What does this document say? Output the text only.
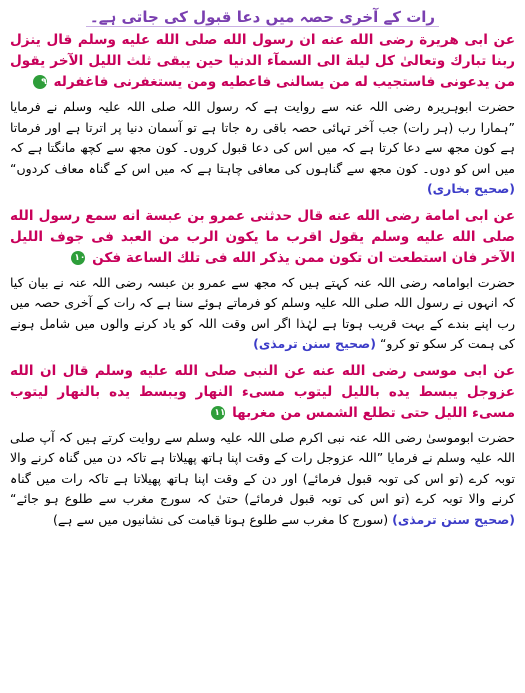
رات کے آخری حصہ میں دعا قبول کی جاتی ہے۔

عن ابی هریرة رضی الله عنه ان رسول الله صلی الله علیه وسلم قال ینزل ربنا تبارك وتعالیٰ کل لیلة الی السمآء الدنیا حین یبقی ثلث اللیل الآخر یقول من یدعونی فاستجیب له من یسالنی فاعطیه ومن یستغفرنی فاغفرله ۹

حضرت ابوہریرہ رضی اللہ عنہ سے روایت ہے کہ رسول اللہ صلی اللہ علیہ وسلم نے فرمایا ”ہمارا رب (ہر رات) جب آخر تہائی حصہ باقی رہ جاتا ہے تو آسمان دنیا پر اترتا ہے اور فرماتا ہے کون مجھ سے دعا کرتا ہے کہ میں اس کی دعا قبول کروں۔ کون مجھ سے کچھ مانگتا ہے کہ میں اس کو دوں۔ کون مجھ سے گناہوں کی معافی چاہتا ہے کہ میں اس کے گناہ معاف کردوں“ (صحیح بخاری)

عن ابی امامة رضی الله عنه قال حدثنی عمرو بن عبسة انه سمع رسول الله صلی الله علیه وسلم یقول اقرب ما یکون الرب من العبد فی جوف اللیل الآخر فان استطعت ان تکون ممن یذکر الله فی تلك الساعة فکن ۱۰

حضرت ابوامامہ رضی اللہ عنہ کہتے ہیں کہ مجھ سے عمرو بن عبسہ رضی اللہ عنہ نے بیان کیا کہ انہوں نے رسول اللہ صلی اللہ علیہ وسلم کو فرماتے ہوئے سنا ہے کہ رات کے آخری حصہ میں رب اپنے بندے کے بہت قریب ہوتا ہے لہٰذا اگر اس وقت اللہ کو یاد کرنے والوں میں شامل ہونے کی ہمت کر سکو تو کرو“ (صحیح سنن ترمذی)

عن ابی موسی رضی الله عنه عن النبی صلی الله علیه وسلم قال ان الله عزوجل یبسط یده باللیل لیتوب مسیء النهار ویبسط یده بالنهار لیتوب مسیء اللیل حتی تطلع الشمس من مغربها ۱۱

حضرت ابوموسیٰ رضی اللہ عنہ نبی اکرم صلی اللہ علیہ وسلم سے روایت کرتے ہیں کہ آپ صلی اللہ علیہ وسلم نے فرمایا ”اللہ عزوجل رات کے وقت اپنا ہاتھ پھیلاتا ہے تاکہ دن میں گناہ کرنے والا توبہ کرے (تو اس کی توبہ قبول فرمائے) اور دن کے وقت اپنا ہاتھ پھیلاتا ہے تاکہ رات میں گناہ کرنے والا توبہ کرے (تو اس کی توبہ قبول فرمائے) حتیٰ کہ سورج مغرب سے طلوع ہو جائے“ (صحیح سنن ترمذی) (سورج کا مغرب سے طلوع ہونا قیامت کی نشانیوں میں سے ہے)
